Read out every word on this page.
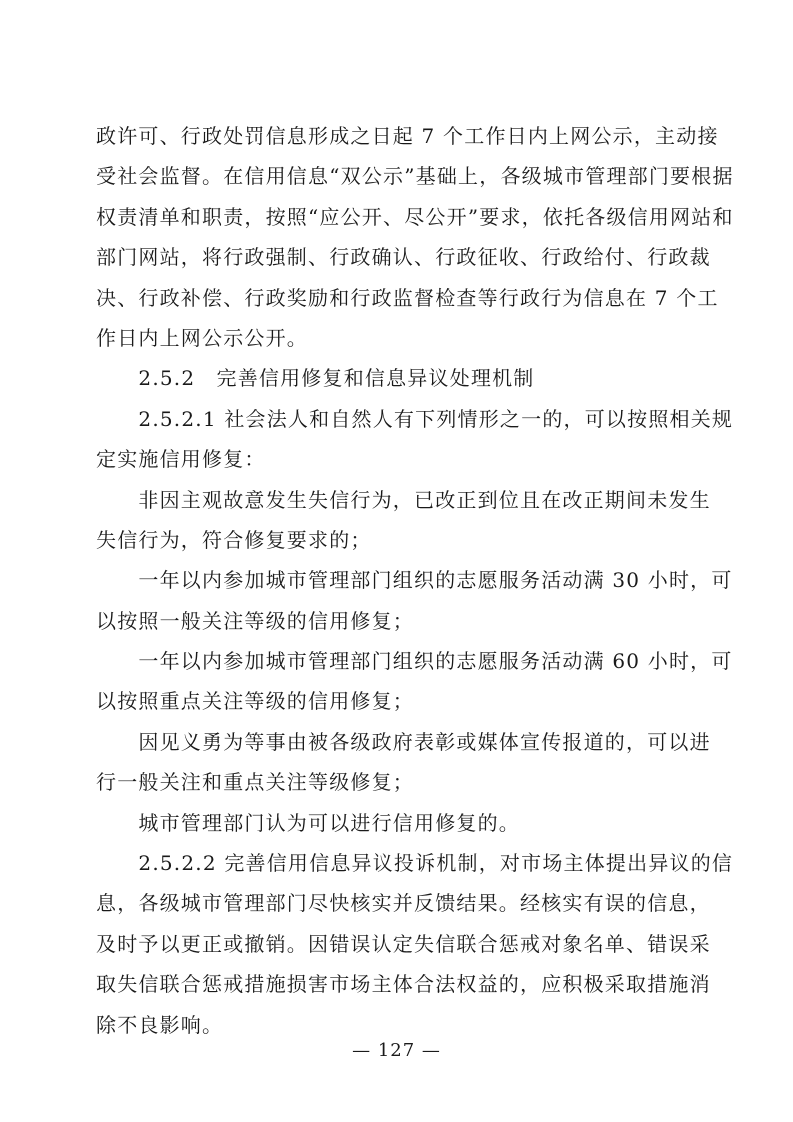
政许可、行政处罚信息形成之日起 7 个工作日内上网公示，主动接
受社会监督。在信用信息“双公示”基础上，各级城市管理部门要根据
权责清单和职责，按照“应公开、尽公开”要求，依托各级信用网站和
部门网站，将行政强制、行政确认、行政征收、行政给付、行政裁
决、行政补偿、行政奖励和行政监督检查等行政行为信息在 7 个工
作日内上网公示公开。
　　2.5.2　完善信用修复和信息异议处理机制
　　2.5.2.1 社会法人和自然人有下列情形之一的，可以按照相关规
定实施信用修复：
　　非因主观故意发生失信行为，已改正到位且在改正期间未发生
失信行为，符合修复要求的；
　　一年以内参加城市管理部门组织的志愿服务活动满 30 小时，可
以按照一般关注等级的信用修复；
　　一年以内参加城市管理部门组织的志愿服务活动满 60 小时，可
以按照重点关注等级的信用修复；
　　因见义勇为等事由被各级政府表彰或媒体宣传报道的，可以进
行一般关注和重点关注等级修复；
　　城市管理部门认为可以进行信用修复的。
　　2.5.2.2 完善信用信息异议投诉机制，对市场主体提出异议的信
息，各级城市管理部门尽快核实并反馈结果。经核实有误的信息，
及时予以更正或撤销。因错误认定失信联合惩戒对象名单、错误采
取失信联合惩戒措施损害市场主体合法权益的，应积极采取措施消
除不良影响。
— 127 —
